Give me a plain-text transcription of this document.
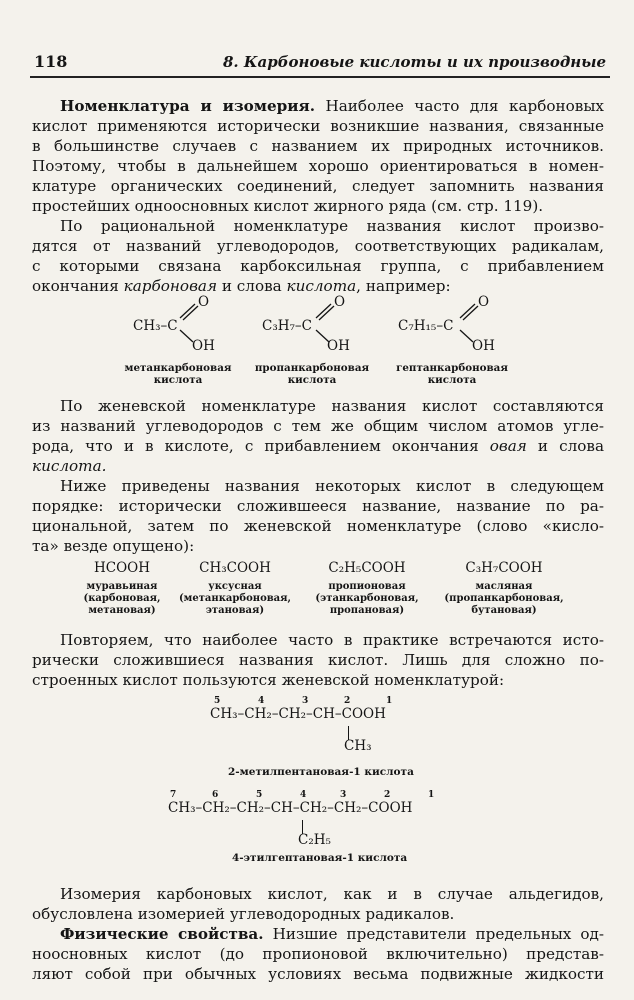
118	8. Карбоновые кислоты и их производные
Номенклатура и изомерия. Наиболее часто для карбоновых
кислот применяются исторически возникшие названия, связанные
в большинстве случаев с названием их природных источников.
Поэтому, чтобы в дальнейшем хорошо ориентироваться в номен-
клатуре органических соединений, следует запомнить названия
простейших одноосновных кислот жирного ряда (см. стр. 119).
По рациональной номенклатуре названия кислот произво-
дятся от названий углеводородов, соответствующих радикалам,
с которыми связана карбоксильная группа, с прибавлением
окончания карбоновая и слова кислота, например:
CH₃–C
O
OH
C₃H₇–C
O
OH
C₇H₁₅–C
O
OH
метанкарбоновая
кислота
пропанкарбоновая
кислота
гептанкарбоновая
кислота
По женевской номенклатуре названия кислот составляются
из названий углеводородов с тем же общим числом атомов угле-
рода, что и в кислоте, с прибавлением окончания овая и слова
кислота.
Ниже приведены названия некоторых кислот в следующем
порядке: исторически сложившееся название, название по ра-
циональной, затем по женевской номенклатуре (слово «кисло-
та» везде опущено):
HCOOH
муравьиная
(карбоновая,
метановая)
CH₃COOH
уксусная
(метанкарбоновая,
этановая)
C₂H₅COOH
пропионовая
(этанкарбоновая,
пропановая)
C₃H₇COOH
масляная
(пропанкарбоновая,
бутановая)
Повторяем, что наиболее часто в практике встречаются исто-
рически сложившиеся названия кислот. Лишь для сложно по-
строенных кислот пользуются женевской номенклатурой:
5	4	3	2	1
CH₃–CH₂–CH₂–CH–COOH
CH₃
2-метилпентановая-1 кислота
7	6	5	4	3	2	1
CH₃–CH₂–CH₂–CH–CH₂–CH₂–COOH
C₂H₅
4-этилгептановая-1 кислота
Изомерия карбоновых кислот, как и в случае альдегидов,
обусловлена изомерией углеводородных радикалов.
Физические свойства. Низшие представители предельных од-
ноосновных кислот (до пропионовой включительно) представ-
ляют собой при обычных условиях весьма подвижные жидкости
